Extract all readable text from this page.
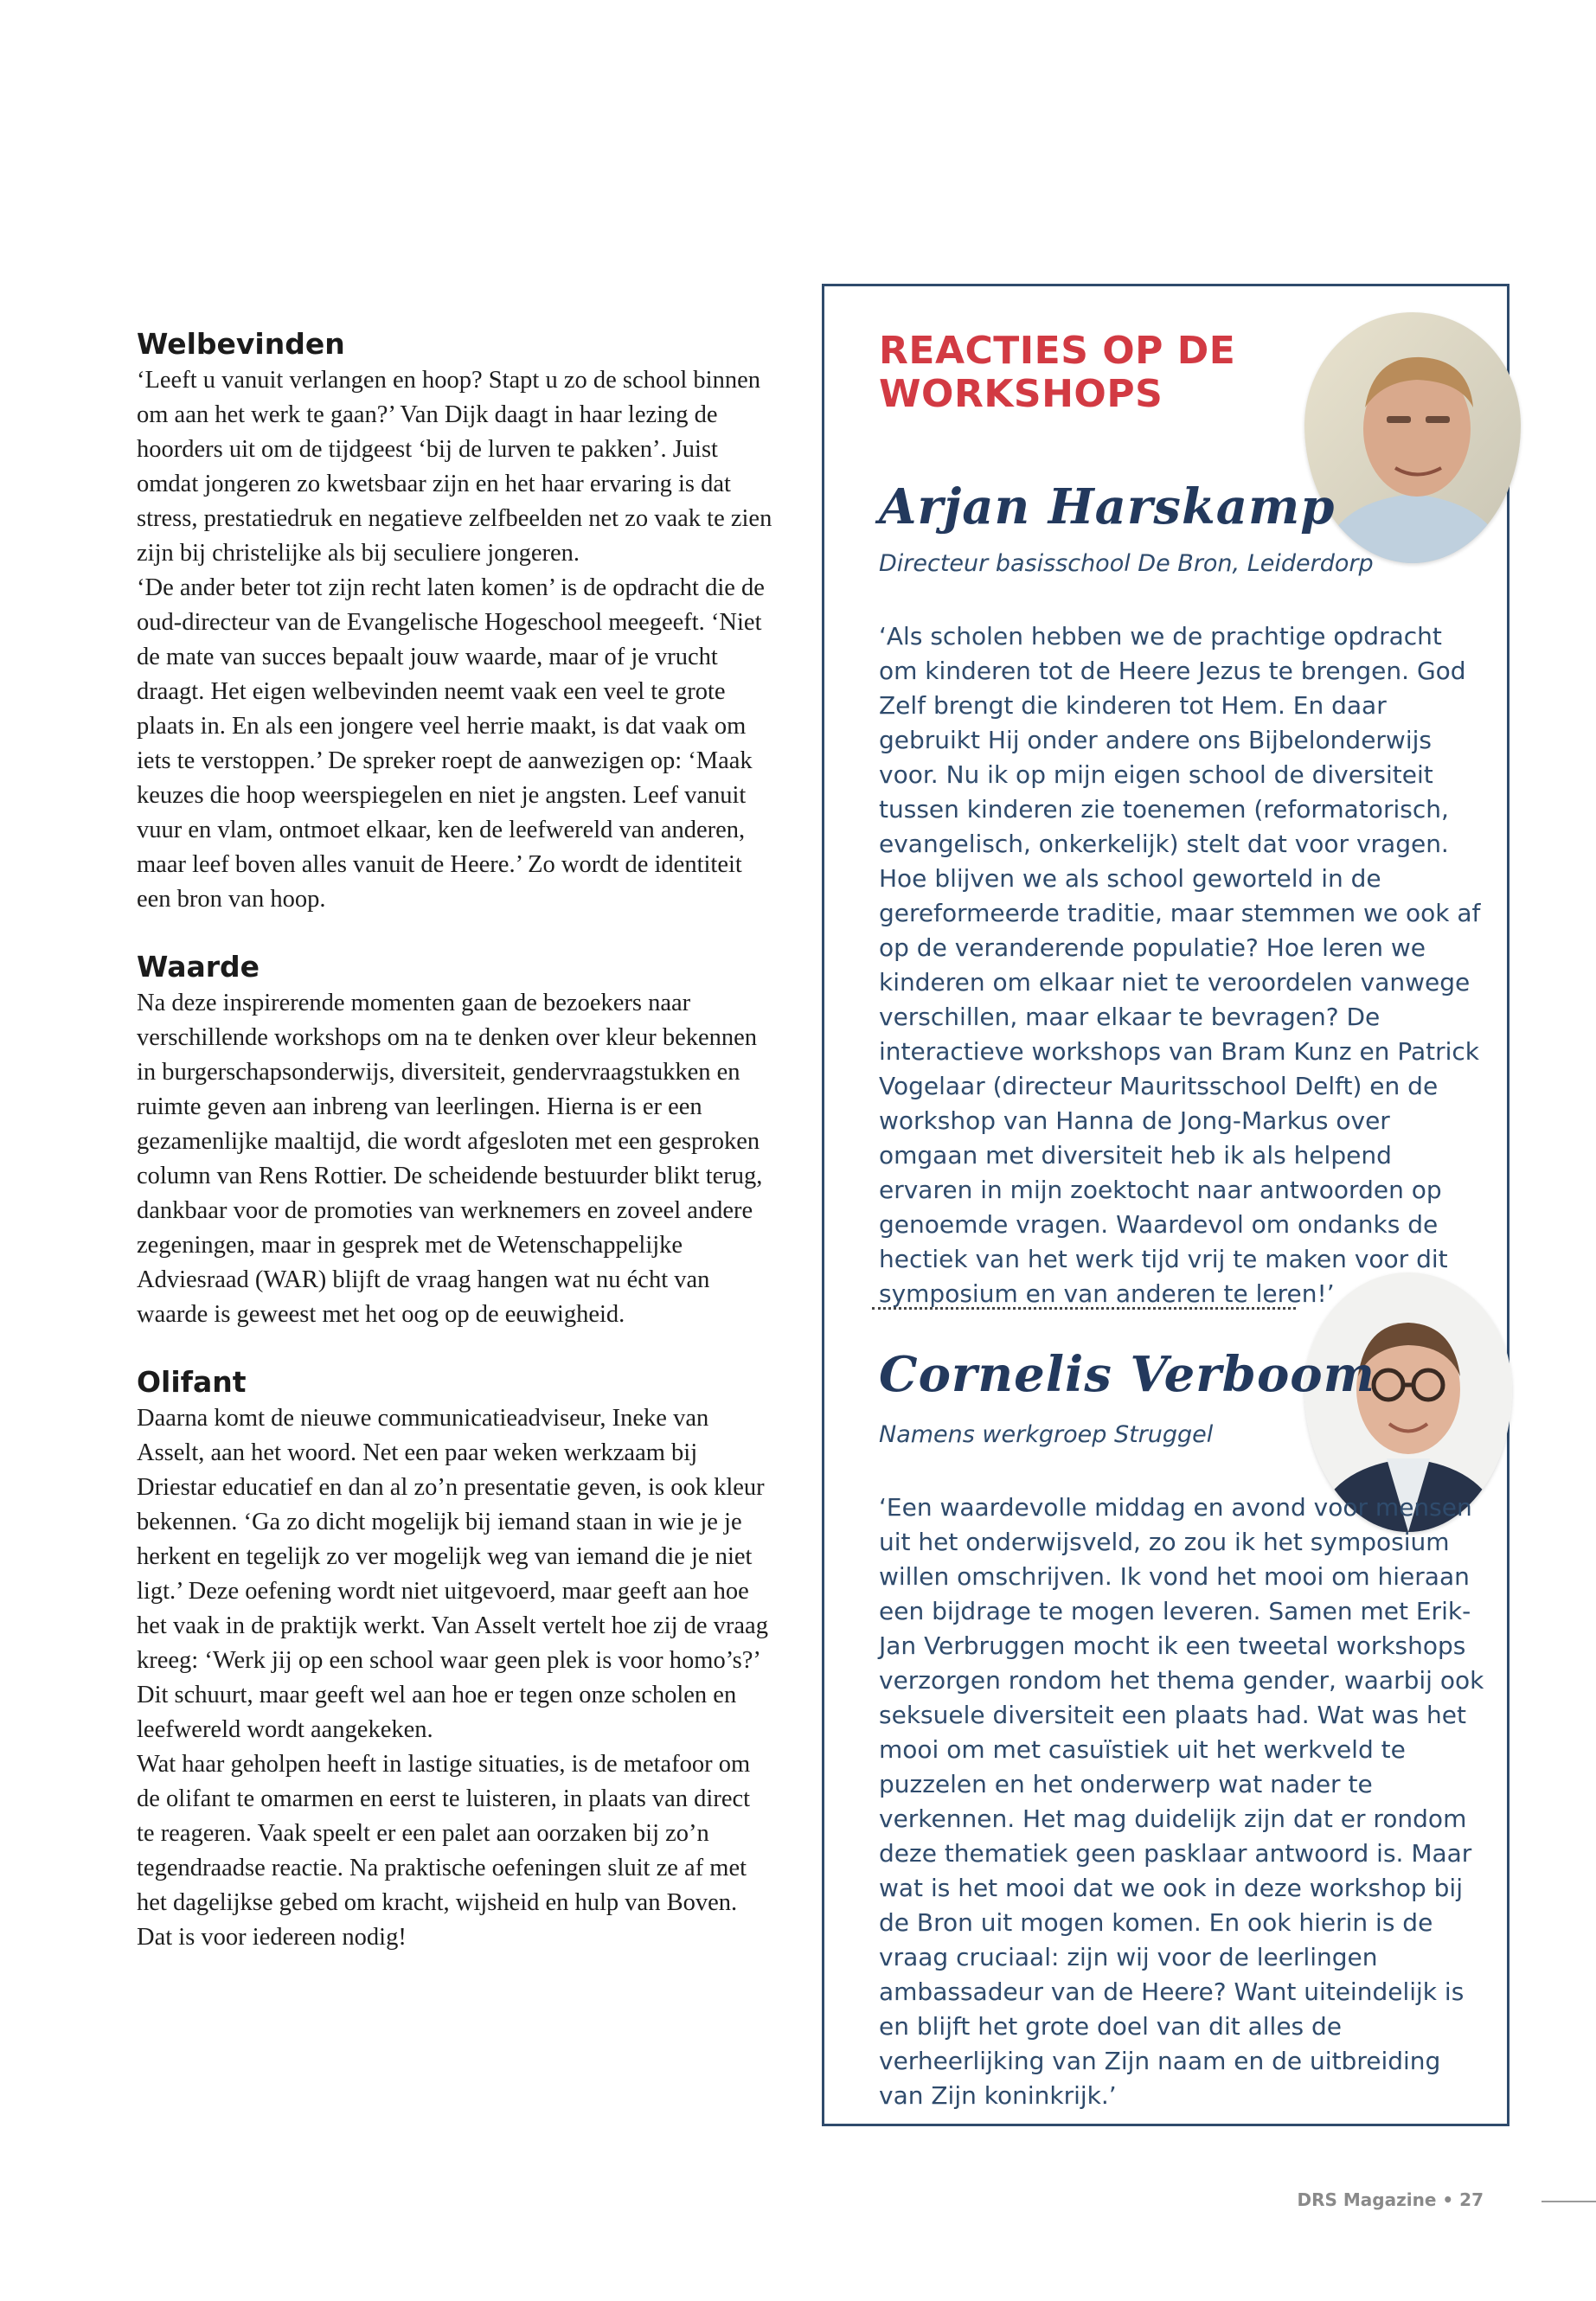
Welbevinden

‘Leeft u vanuit verlangen en hoop? Stapt u zo de school binnen om aan het werk te gaan?’ Van Dijk daagt in haar lezing de hoorders uit om de tijdgeest ‘bij de lurven te pakken’. Juist omdat jongeren zo kwetsbaar zijn en het haar ervaring is dat stress, prestatiedruk en negatieve zelfbeelden net zo vaak te zien zijn bij christelijke als bij seculiere jongeren.

‘De ander beter tot zijn recht laten komen’ is de opdracht die de oud-directeur van de Evangelische Hogeschool meegeeft. ‘Niet de mate van succes bepaalt jouw waarde, maar of je vrucht draagt. Het eigen welbevinden neemt vaak een veel te grote plaats in. En als een jongere veel herrie maakt, is dat vaak om iets te verstoppen.’ De spreker roept de aanwezigen op: ‘Maak keuzes die hoop weerspiegelen en niet je angsten. Leef vanuit vuur en vlam, ontmoet elkaar, ken de leefwereld van anderen, maar leef boven alles vanuit de Heere.’ Zo wordt de identiteit een bron van hoop.

Waarde

Na deze inspirerende momenten gaan de bezoekers naar verschillende workshops om na te denken over kleur bekennen in burgerschapsonderwijs, diversiteit, gendervraagstukken en ruimte geven aan inbreng van leerlingen. Hierna is er een gezamenlijke maaltijd, die wordt afgesloten met een gesproken column van Rens Rottier. De scheidende bestuurder blikt terug, dankbaar voor de promoties van werknemers en zoveel andere zegeningen, maar in gesprek met de Wetenschappelijke Adviesraad (WAR) blijft de vraag hangen wat nu écht van waarde is geweest met het oog op de eeuwigheid.

Olifant

Daarna komt de nieuwe communicatieadviseur, Ineke van Asselt, aan het woord. Net een paar weken werkzaam bij Driestar educatief en dan al zo’n presentatie geven, is ook kleur bekennen. ‘Ga zo dicht mogelijk bij iemand staan in wie je je herkent en tegelijk zo ver mogelijk weg van iemand die je niet ligt.’ Deze oefening wordt niet uitgevoerd, maar geeft aan hoe het vaak in de praktijk werkt. Van Asselt vertelt hoe zij de vraag kreeg: ‘Werk jij op een school waar geen plek is voor homo’s?’ Dit schuurt, maar geeft wel aan hoe er tegen onze scholen en leefwereld wordt aangekeken.

Wat haar geholpen heeft in lastige situaties, is de metafoor om de olifant te omarmen en eerst te luisteren, in plaats van direct te reageren. Vaak speelt er een palet aan oorzaken bij zo’n tegendraadse reactie. Na praktische oefeningen sluit ze af met het dagelijkse gebed om kracht, wijsheid en hulp van Boven. Dat is voor iedereen nodig!

REACTIES OP DE
WORKSHOPS
Arjan Harskamp

Directeur basisschool De Bron, Leiderdorp

‘Als scholen hebben we de prachtige opdracht om kinderen tot de Heere Jezus te brengen. God Zelf brengt die kinderen tot Hem. En daar gebruikt Hij onder andere ons Bijbelonderwijs voor. Nu ik op mijn eigen school de diversiteit tussen kinderen zie toenemen (reformatorisch, evangelisch, onkerkelijk) stelt dat voor vragen. Hoe blijven we als school geworteld in de gereformeerde traditie, maar stemmen we ook af op de veranderende populatie? Hoe leren we kinderen om elkaar niet te veroordelen vanwege verschillen, maar elkaar te bevragen? De interactieve workshops van Bram Kunz en Patrick Vogelaar (directeur Mauritsschool Delft) en de workshop van Hanna de Jong-Markus over omgaan met diversiteit heb ik als helpend ervaren in mijn zoektocht naar antwoorden op genoemde vragen. Waardevol om ondanks de hectiek van het werk tijd vrij te maken voor dit symposium en van anderen te leren!’

Cornelis Verboom

Namens werkgroep Struggel

‘Een waardevolle middag en avond voor mensen uit het onderwijsveld, zo zou ik het symposium willen omschrijven. Ik vond het mooi om hieraan een bijdrage te mogen leveren. Samen met Erik-Jan Verbruggen mocht ik een tweetal workshops verzorgen rondom het thema gender, waarbij ook seksuele diversiteit een plaats had. Wat was het mooi om met casuïstiek uit het werkveld te puzzelen en het onderwerp wat nader te verkennen. Het mag duidelijk zijn dat er rondom deze thematiek geen pasklaar antwoord is. Maar wat is het mooi dat we ook in deze workshop bij de Bron uit mogen komen. En ook hierin is de vraag cruciaal: zijn wij voor de leerlingen ambassadeur van de Heere? Want uiteindelijk is en blijft het grote doel van dit alles de verheerlijking van Zijn naam en de uitbreiding van Zijn koninkrijk.’

DRS Magazine • 27
